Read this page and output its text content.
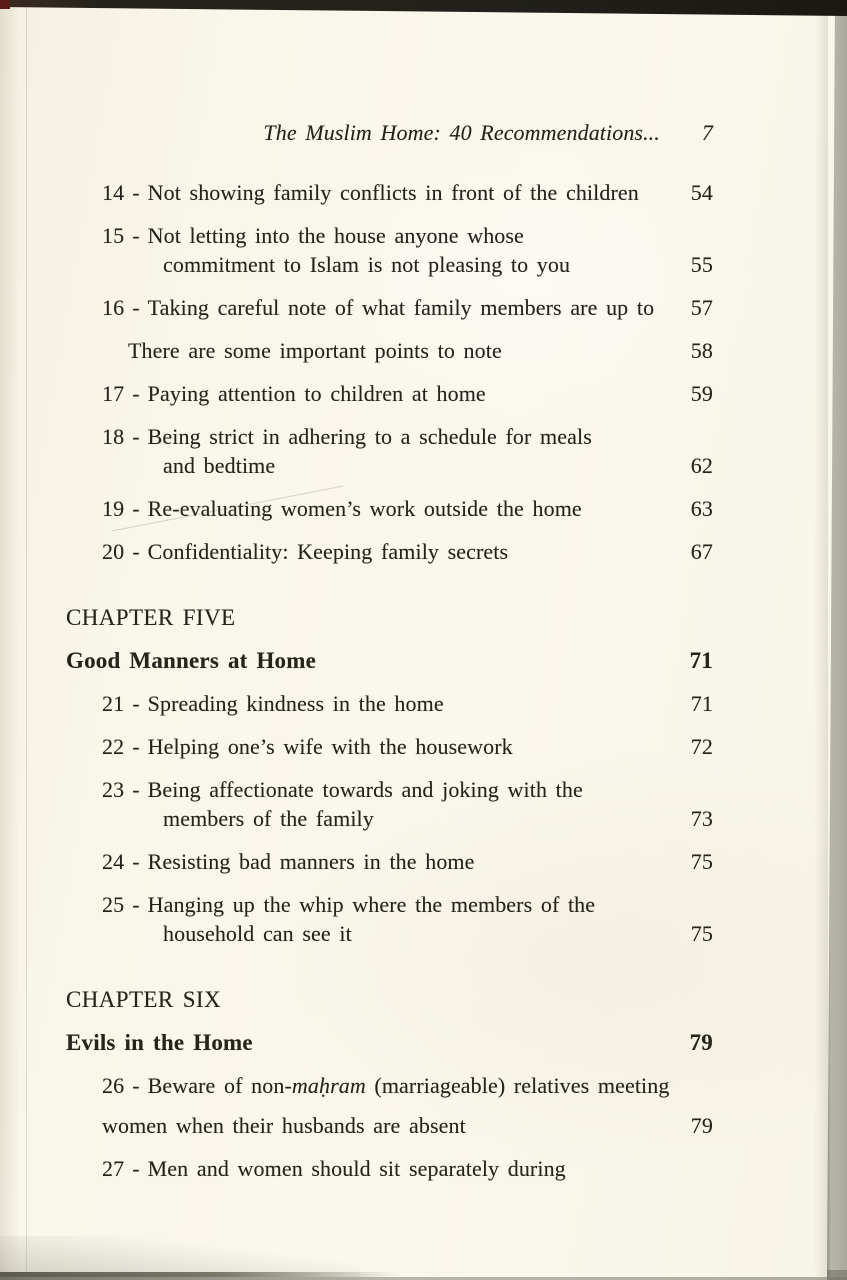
The Muslim Home: 40 Recommendations... 7
14 - Not showing family conflicts in front of the children	54
15 - Not letting into the house anyone whose
commitment to Islam is not pleasing to you	55
16 - Taking careful note of what family members are up to	57
There are some important points to note	58
17 - Paying attention to children at home	59
18 - Being strict in adhering to a schedule for meals
and bedtime	62
19 - Re-evaluating women’s work outside the home	63
20 - Confidentiality: Keeping family secrets	67
CHAPTER FIVE
Good Manners at Home	71
21 - Spreading kindness in the home	71
22 - Helping one’s wife with the housework	72
23 - Being affectionate towards and joking with the
members of the family	73
24 - Resisting bad manners in the home	75
25 - Hanging up the whip where the members of the
household can see it	75
CHAPTER SIX
Evils in the Home	79
26 - Beware of non-maḥram (marriageable) relatives meeting
women when their husbands are absent	79
27 - Men and women should sit separately during
